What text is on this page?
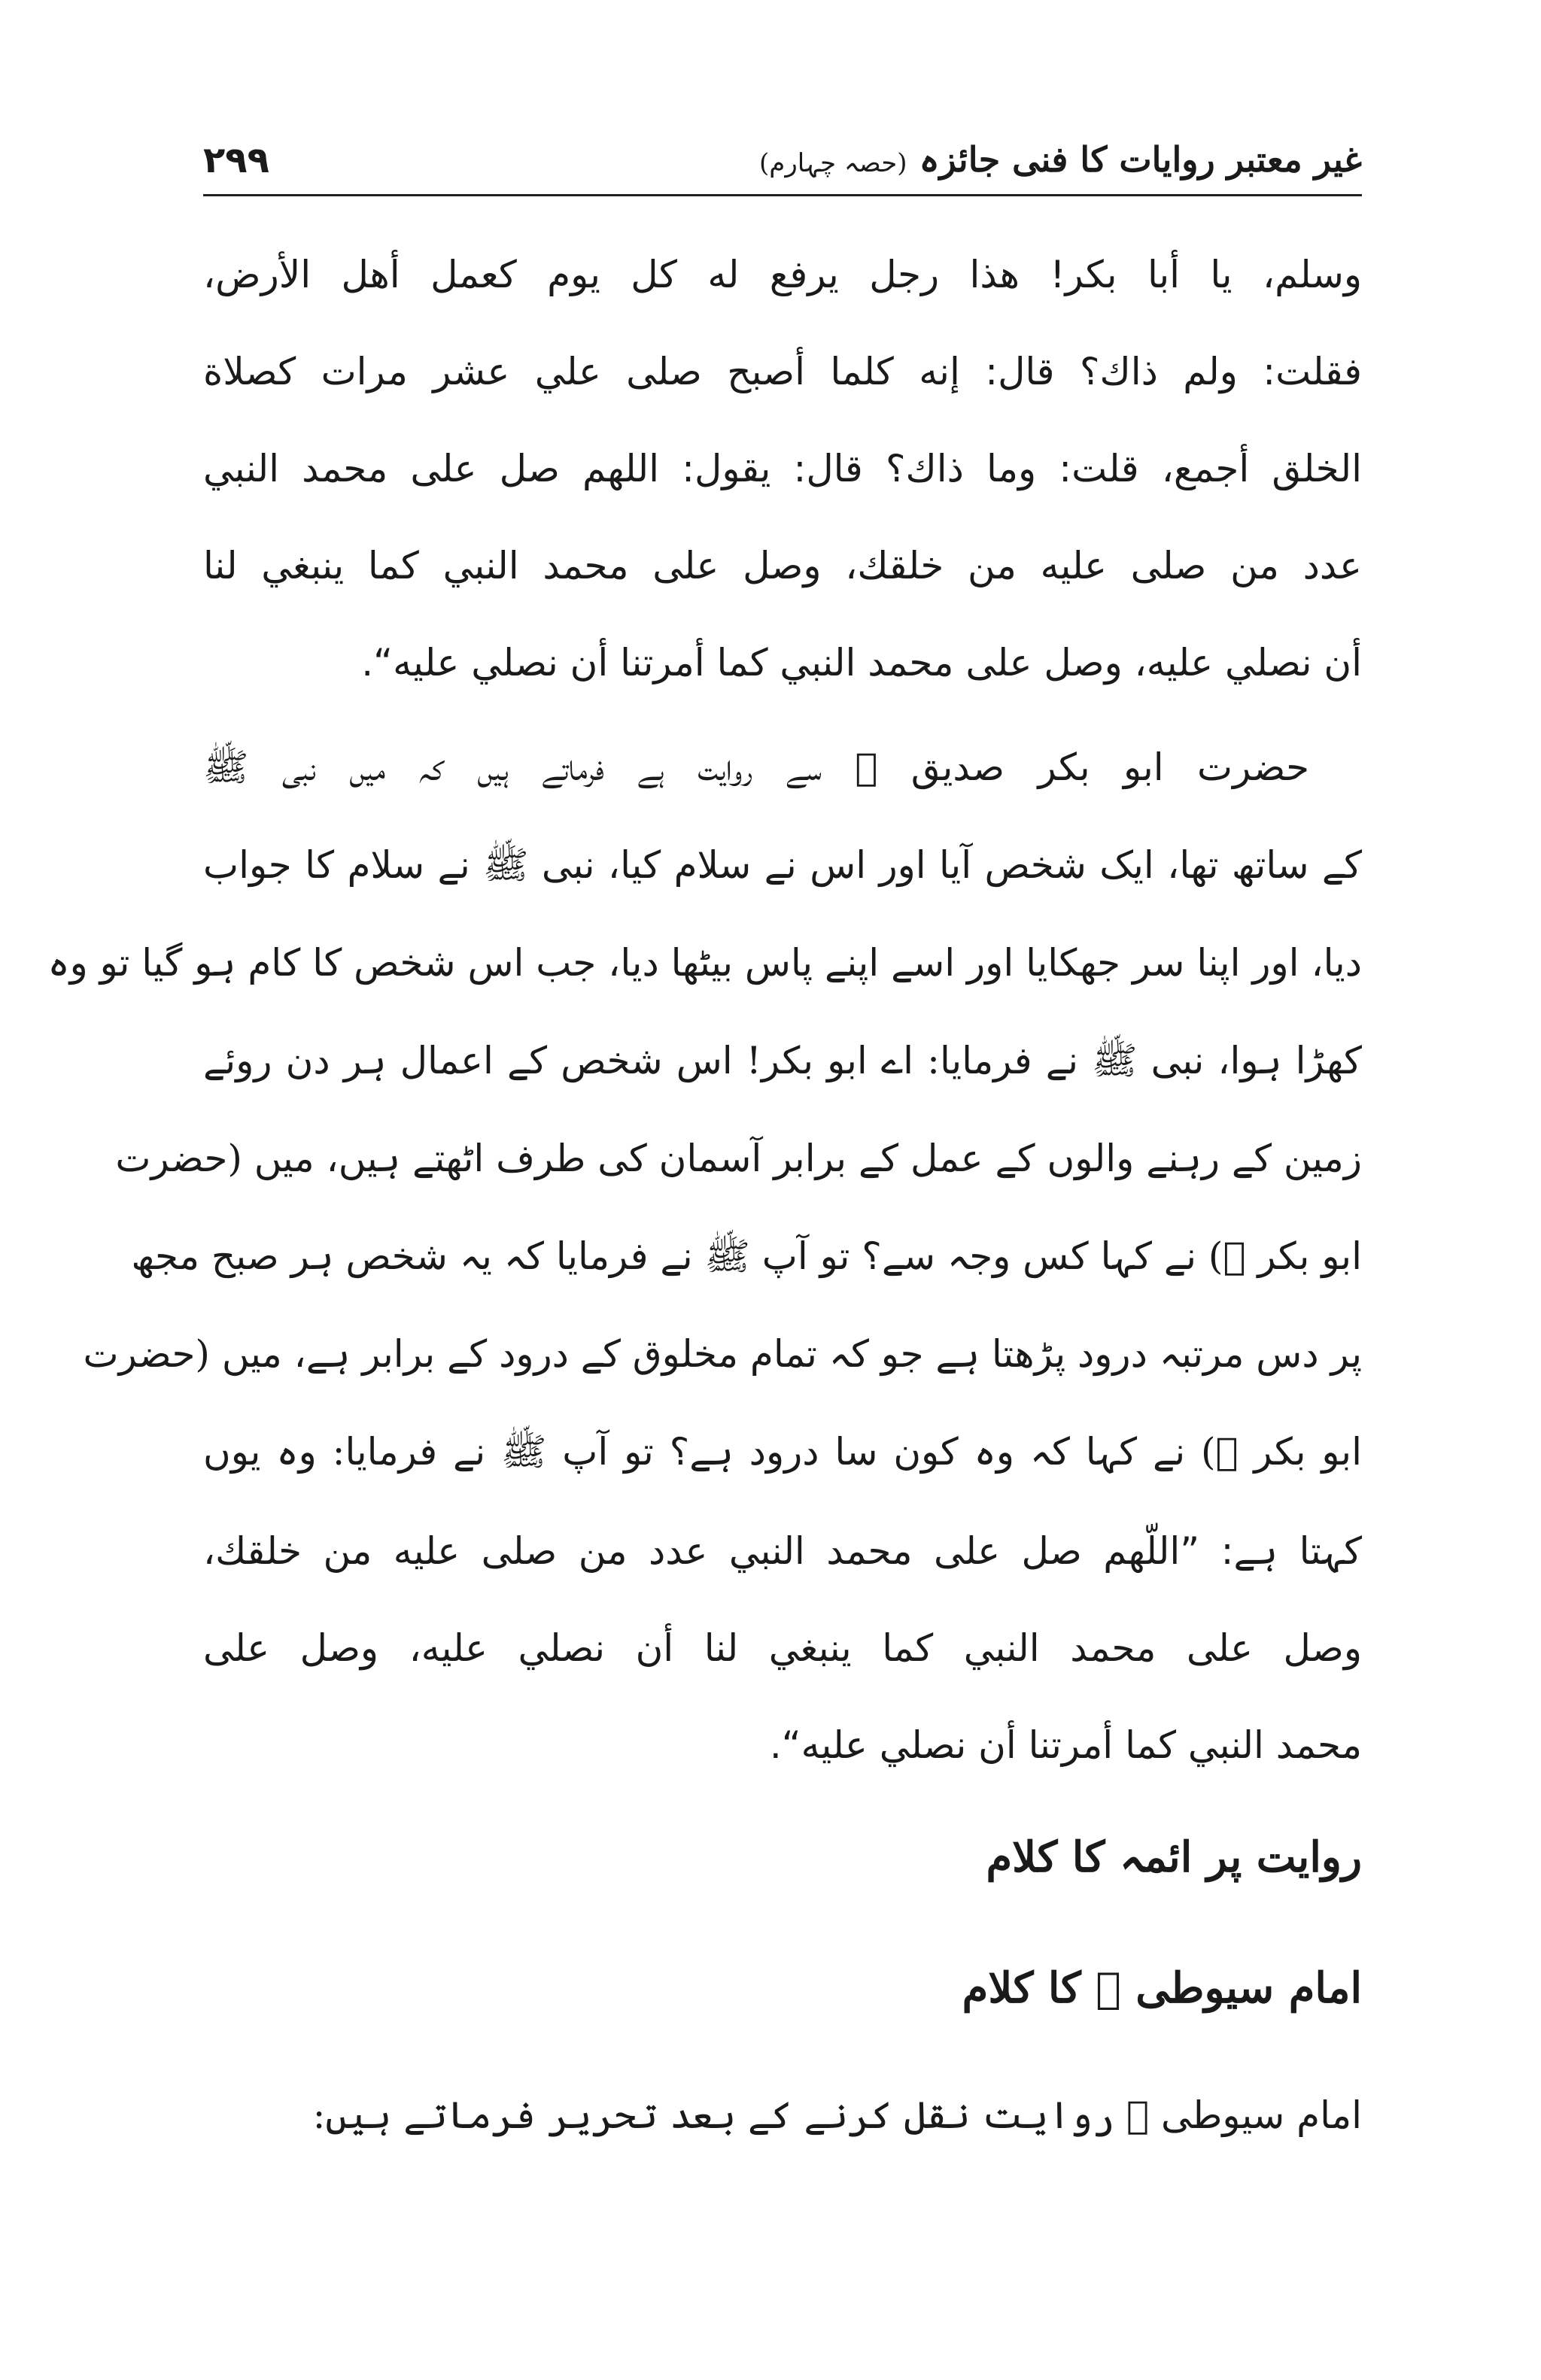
غیر معتبر روایات کا فنی جائزہ (حصہ چہارم)
۲۹۹
وسلم، يا أبا بكر! هذا رجل يرفع له كل يوم كعمل أهل الأرض،
فقلت: ولم ذاك؟ قال: إنه كلما أصبح صلى علي عشر مرات كصلاة
الخلق أجمع، قلت: وما ذاك؟ قال: يقول: اللهم صل على محمد النبي
عدد من صلى عليه من خلقك، وصل على محمد النبي كما ينبغي لنا
أن نصلي عليه، وصل على محمد النبي كما أمرتنا أن نصلي عليه“.
حضرت ابو بکر صدیق ﷛ سے روایت ہے فرماتے ہیں کہ میں نبی ﷺ
کے ساتھ تھا، ایک شخص آیا اور اس نے سلام کیا، نبی ﷺ نے سلام کا جواب
دیا، اور اپنا سر جھکایا اور اسے اپنے پاس بیٹھا دیا، جب اس شخص کا کام ہو گیا تو وہ
کھڑا ہوا، نبی ﷺ نے فرمایا: اے ابو بکر! اس شخص کے اعمال ہر دن روئے
زمین کے رہنے والوں کے عمل کے برابر آسمان کی طرف اٹھتے ہیں، میں (حضرت
ابو بکر ﷛) نے کہا کس وجہ سے؟ تو آپ ﷺ نے فرمایا کہ یہ شخص ہر صبح مجھ
پر دس مرتبہ درود پڑھتا ہے جو کہ تمام مخلوق کے درود کے برابر ہے، میں (حضرت
ابو بکر ﷛) نے کہا کہ وہ کون سا درود ہے؟ تو آپ ﷺ نے فرمایا: وہ یوں
کہتا ہے: ”اللّهم صل على محمد النبي عدد من صلى عليه من خلقك،
وصل على محمد النبي كما ينبغي لنا أن نصلي عليه، وصل على
محمد النبي كما أمرتنا أن نصلي عليه“.
روایت پر ائمہ کا کلام
امام سیوطی ﷫ کا کلام
امام سیوطی ﷫ روایت نقل کرنے کے بعد تحریر فرماتے ہیں:
